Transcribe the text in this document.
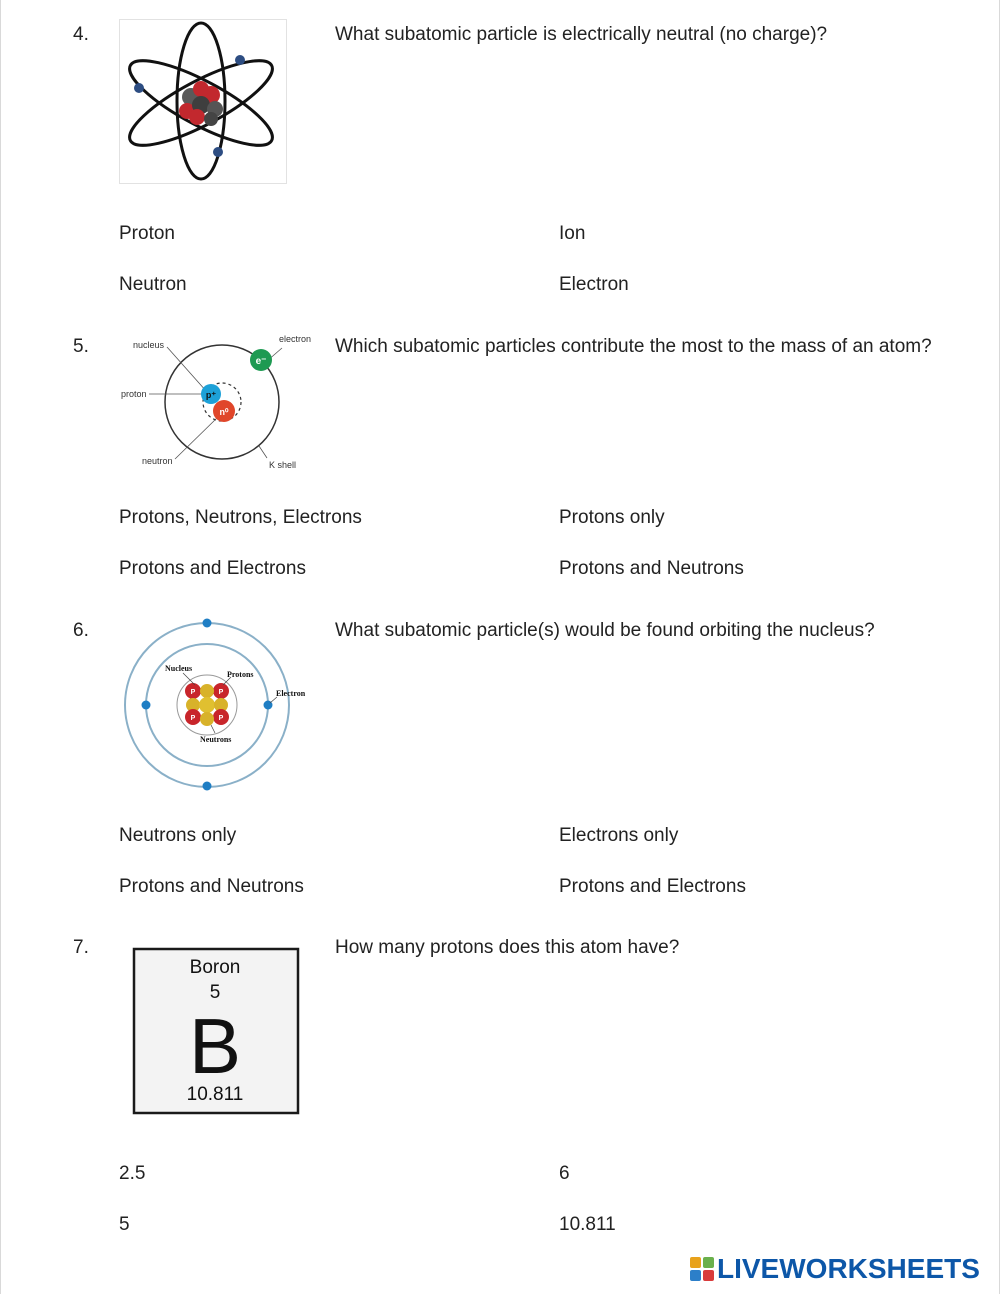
4.	What subatomic particle is electrically neutral (no charge)?
Proton	Ion
Neutron	Electron
5.
e⁻
p⁺
n⁰
nucleus
electron
proton
neutron	K shell
Which subatomic particles contribute the most to the mass of an atom?
Protons, Neutrons, Electrons	Protons only
Protons and Electrons	Protons and Neutrons
6.
P	P
P	P
Nucleus
Protons
Electron
Neutrons
What subatomic particle(s) would be found orbiting the nucleus?
Neutrons only	Electrons only
Protons and Neutrons	Protons and Electrons
7.
Boron
5
B
10.811
How many protons does this atom have?
2.5	6
5	10.811
LIVEWORKSHEETS
